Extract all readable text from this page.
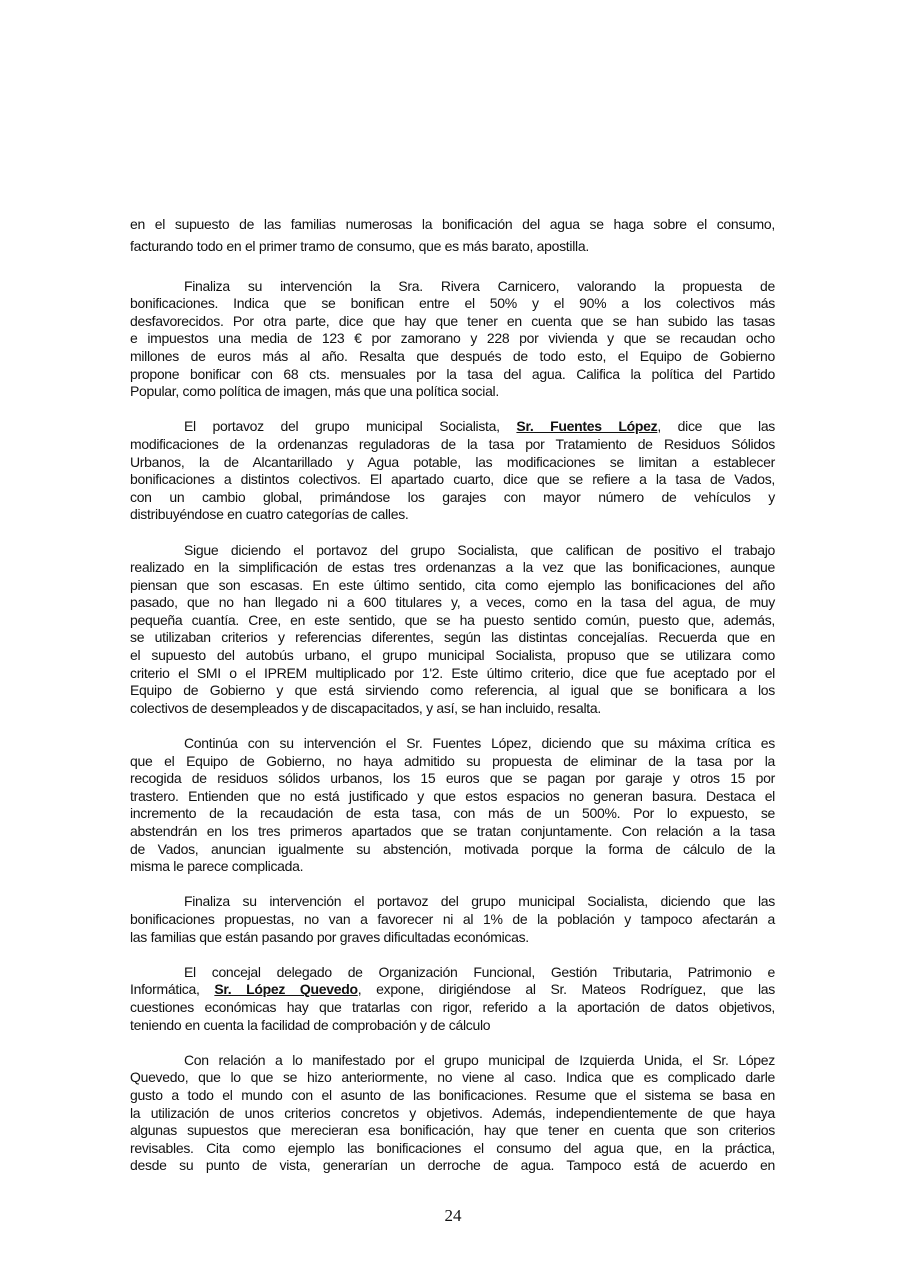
en el supuesto de las familias numerosas la bonificación del agua se haga sobre el consumo,
facturando todo en el primer tramo de consumo, que es más barato, apostilla.
Finaliza su intervención la Sra. Rivera Carnicero, valorando la propuesta de
bonificaciones. Indica que se bonifican entre el 50% y el 90% a los colectivos más
desfavorecidos. Por otra parte, dice que hay que tener en cuenta que se han subido las tasas
e impuestos una media de 123 € por zamorano y 228 por vivienda y que se recaudan ocho
millones de euros más al año. Resalta que después de todo esto, el Equipo de Gobierno
propone bonificar con 68 cts. mensuales por la tasa del agua. Califica la política del Partido
Popular, como política de imagen, más que una política social.
El portavoz del grupo municipal Socialista, Sr. Fuentes López, dice que las
modificaciones de la ordenanzas reguladoras de la tasa por Tratamiento de Residuos Sólidos
Urbanos, la de Alcantarillado y Agua potable, las modificaciones se limitan a establecer
bonificaciones a distintos colectivos. El apartado cuarto, dice que se refiere a la tasa de Vados,
con un cambio global, primándose los garajes con mayor número de vehículos y
distribuyéndose en cuatro categorías de calles.
Sigue diciendo el portavoz del grupo Socialista, que califican de positivo el trabajo
realizado en la simplificación de estas tres ordenanzas a la vez que las bonificaciones, aunque
piensan que son escasas. En este último sentido, cita como ejemplo las bonificaciones del año
pasado, que no han llegado ni a 600 titulares y, a veces, como en la tasa del agua, de muy
pequeña cuantía. Cree, en este sentido, que se ha puesto sentido común, puesto que, además,
se utilizaban criterios y referencias diferentes, según las distintas concejalías. Recuerda que en
el supuesto del autobús urbano, el grupo municipal Socialista, propuso que se utilizara como
criterio el SMI o el IPREM multiplicado por 1'2. Este último criterio, dice que fue aceptado por el
Equipo de Gobierno y que está sirviendo como referencia, al igual que se bonificara a los
colectivos de desempleados y de discapacitados, y así, se han incluido, resalta.
Continúa con su intervención el Sr. Fuentes López, diciendo que su máxima crítica es
que el Equipo de Gobierno, no haya admitido su propuesta de eliminar de la tasa por la
recogida de residuos sólidos urbanos, los 15 euros que se pagan por garaje y otros 15 por
trastero. Entienden que no está justificado y que estos espacios no generan basura. Destaca el
incremento de la recaudación de esta tasa, con más de un 500%. Por lo expuesto, se
abstendrán en los tres primeros apartados que se tratan conjuntamente. Con relación a la tasa
de Vados, anuncian igualmente su abstención, motivada porque la forma de cálculo de la
misma le parece complicada.
Finaliza su intervención el portavoz del grupo municipal Socialista, diciendo que las
bonificaciones propuestas, no van a favorecer ni al 1% de la población y tampoco afectarán a
las familias que están pasando por graves dificultadas económicas.
El concejal delegado de Organización Funcional, Gestión Tributaria, Patrimonio e
Informática, Sr. López Quevedo, expone, dirigiéndose al Sr. Mateos Rodríguez, que las
cuestiones económicas hay que tratarlas con rigor, referido a la aportación de datos objetivos,
teniendo en cuenta la facilidad de comprobación y de cálculo
Con relación a lo manifestado por el grupo municipal de Izquierda Unida, el Sr. López
Quevedo, que lo que se hizo anteriormente, no viene al caso. Indica que es complicado darle
gusto a todo el mundo con el asunto de las bonificaciones. Resume que el sistema se basa en
la utilización de unos criterios concretos y objetivos. Además, independientemente de que haya
algunas supuestos que merecieran esa bonificación, hay que tener en cuenta que son criterios
revisables. Cita como ejemplo las bonificaciones el consumo del agua que, en la práctica,
desde su punto de vista, generarían un derroche de agua. Tampoco está de acuerdo en
24
